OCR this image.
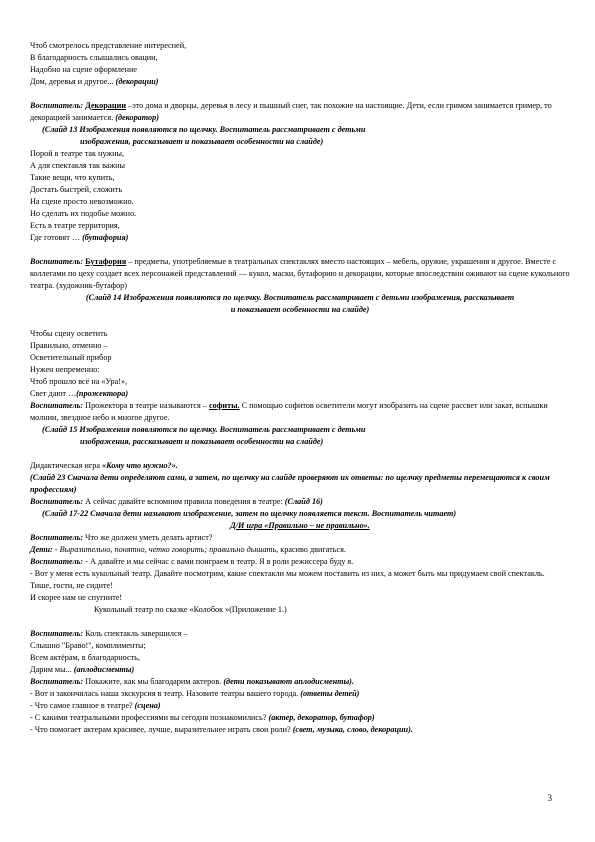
Чтоб смотрелось представление интересней,

В благодарность слышались овации,

Надобно на сцене оформление

Дом, деревья и другое... (декорации)

Воспитатель: Декорации –это дома и дворцы, деревья в лесу и пышный снег, так похожие на настоящие. Дети, если гримом занимается гример, то декорацией занимается. (декоратор)

(Слайд 13 Изображения появляются по щелчку. Воспитатель рассматривает с детьми

изображения, рассказывает и показывает особенности на слайде)

Порой в театре так нужны,

А для спектакля так важны

Такие вещи, что купить,

Достать быстрей, сложить

На сцене просто невозможно.

Но сделать их подобье можно.

Есть в театре территория,

Где готовят … (бутафория)

Воспитатель: Бутафория – предметы, употребляемые в театральных спектаклях вместо настоящих – мебель, оружие, украшения и другое. Вместе с коллегами по цеху создает всех персонажей представлений — кукол, маски, бутафорию и декорации, которые впоследствии оживают на сцене кукольного театра. (художник-бутафор)

(Слайд 14 Изображения появляются по щелчку. Воспитатель рассматривает с детьми изображения, рассказывает

и показывает особенности на слайде)

Чтобы сцену осветить

Правильно, отменно –

Осветительный прибор

Нужен непременно:

Чтоб прошло всё на «Ура!»,

Свет дают …(прожектора)

Воспитатель: Прожектора в театре называются – софиты. С помощью софитов осветители могут изобразить на сцене рассвет или закат, вспышки молнии, звездное небо и многое другое.

(Слайд 15 Изображения появляются по щелчку. Воспитатель рассматривает с детьми

изображения, рассказывает и показывает особенности на слайде)

Дидактическая игра «Кому что нужно?».

(Слайд 23 Сначала дети определяют сами, а затем, по щелчку на слайде проверяют их ответы: по щелчку предметы перемещаются к своим профессиям)

Воспитатель: А сейчас давайте вспомним правила поведения в театре: (Слайд 16)

(Слайд 17-22 Сначала дети называют изображение, затем по щелчку появляется текст. Воспитатель читает)

Д/И игра «Правильно – не правильно».

Воспитатель: Что же должен уметь делать артист?

Дети: - Выразительно, понятно, четко говорить; правильно дышать, красиво двигаться.

Воспитатель: - А давайте и мы сейчас с вами поиграем в театр. Я в роли режиссера буду я.

- Вот у меня есть кукольный театр. Давайте посмотрим, какие спектакли мы можем поставить из них, а может быть мы придумаем свой спектакль.

Тише, гости, не сидите!

И скорее нам не спугните!

Кукольный театр по сказке «Колобок »(Приложение 1.)

Воспитатель: Коль спектакль завершился –

Слышно "Браво!", комплименты;

Всем актёрам, в благодарность,

Дарим мы... (аплодисменты)

Воспитатель: Покажите, как мы благодарим актеров. (дети показывают аплодисменты).

- Вот и закончилась наша экскурсия в театр. Назовите театры вашего города. (ответы детей)

- Что самое главное в театре? (сцена)

- С какими театральными профессиями вы сегодня познакомились? (актер, декоратор, бутафор)

- Что помогает актерам красивее, лучше, выразительнее играть свои роли? (свет, музыка, слово, декорации).

3
